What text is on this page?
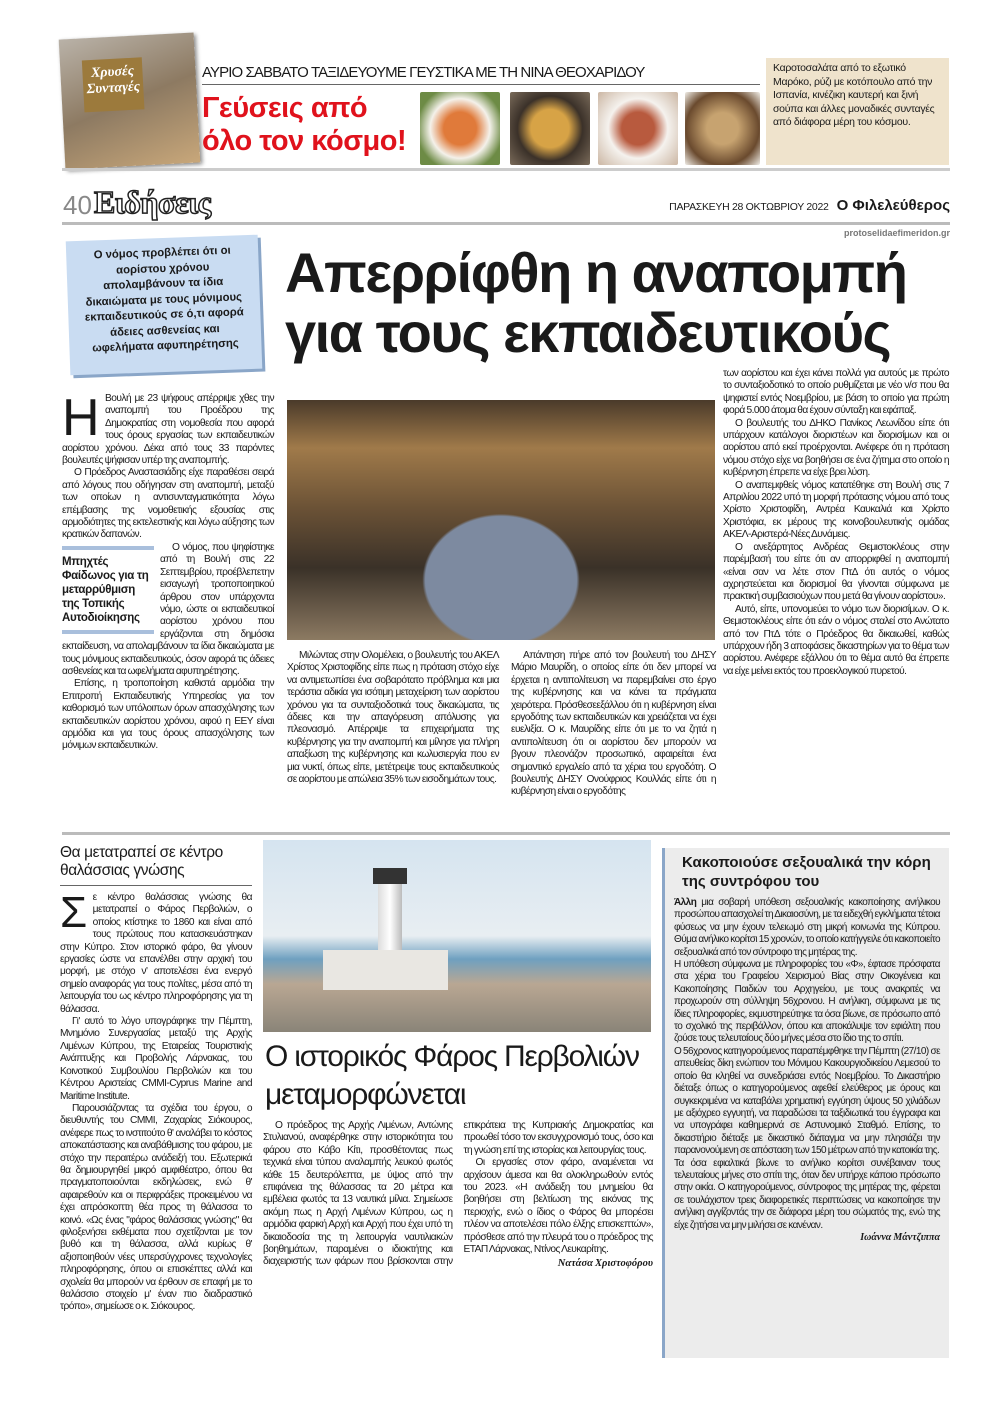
Χρυσές Συνταγές
ΑΥΡΙΟ ΣΑΒΒΑΤΟ ΤΑΞΙΔΕΥΟΥΜΕ ΓΕΥΣΤΙΚΑ ΜΕ ΤΗ ΝΙΝΑ ΘΕΟΧΑΡΙΔΟΥ
Γεύσεις από
όλο τον κόσμο!
Καροτοσαλάτα από το εξωτικό Μαρόκο, ρύζι με κοτόπουλο από την Ισπανία, κινέζικη καυτερή και ξινή σούπα και άλλες μοναδικές συνταγές από διάφορα μέρη του κόσμου.
40 Ειδήσεις	ΠΑΡΑΣΚΕΥΗ 28 ΟΚΤΩΒΡΙΟΥ 2022 Ο Φιλελεύθερος
protoselidaefimeridon.gr
Ο νόμος προβλέπει ότι οι αορίστου χρόνου απολαμβάνουν τα ίδια δικαιώματα με τους μόνιμους εκπαιδευτικούς σε ό,τι αφορά άδειες ασθενείας και ωφελήματα αφυπηρέτησης
Απερρίφθη η αναπομπή
για τους εκπαιδευτικούς

Η Βουλή με 23 ψήφους απέρριψε χθες την αναπομπή του Προέδρου της Δημοκρατίας στη νομοθεσία που αφορά τους όρους εργασίας των εκπαιδευτικών αορίστου χρόνου. Δέκα από τους 33 παρόντες βουλευτές ψήφισαν υπέρ της αναπομπής.

Ο Πρόεδρος Αναστασιάδης είχε παραθέσει σειρά από λόγους που οδήγησαν στη αναπομπή, μεταξύ των οποίων η αντισυνταγματικότητα λόγω επέμβασης της νομοθετικής εξουσίας στις αρμοδιότητες της εκτελεστικής και λόγω αύξησης των κρατικών δαπανών.

Μπηχτές Φαίδωνος για τη μεταρρύθμιση της Τοπικής Αυτοδιοίκησης

Ο νόμος, που ψηφίστηκε από τη Βουλή στις 22 Σεπτεμβρίου, προέβλεπετην εισαγωγή τροποποιητικού άρθρου στον υπάρχοντα νόμο, ώστε οι εκπαιδευτικοί αορίστου χρόνου που εργάζονται στη δημόσια εκπαίδευση, να απολαμβάνουν τα ίδια δικαιώματα με τους μόνιμους εκπαιδευτικούς, όσον αφορά τις άδειες ασθενείας και τα ωφελήματα αφυπηρέτησης.

Επίσης, η τροποποίηση καθιστά αρμόδια την Επιτροπή Εκπαιδευτικής Υπηρεσίας για τον καθορισμό των υπόλοιπων όρων απασχόλησης των εκπαιδευτικών αορίστου χρόνου, αφού η ΕΕΥ είναι αρμόδια και για τους όρους απασχόλησης των μόνιμων εκπαιδευτικών.

Μιλώντας στην Ολομέλεια, ο βουλευτής του ΑΚΕΛ Χρίστος Χριστοφίδης είπε πως η πρόταση στόχο είχε να αντιμετωπίσει ένα σοβαρότατο πρόβλημα και μια τεράστια αδικία για ισότιμη μεταχείριση των αορίστου χρόνου για τα συνταξιοδοτικά τους δικαιώματα, τις άδειες και την απαγόρευση απόλυσης για πλεονασμό. Απέρριψε τα επιχειρήματα της κυβέρνησης για την αναπομπή και μίλησε για πλήρη απαξίωση της κυβέρνησης και κωλυσιεργία που εν μια νυκτί, όπως είπε, μετέτρεψε τους εκπαιδευτικούς σε αορίστου με απώλεια 35% των εισοδημάτων τους.

Απάντηση πήρε από τον βουλευτή του ΔΗΣΥ Μάριο Μαυρίδη, ο οποίος είπε ότι δεν μπορεί να έρχεται η αντιπολίτευση να παρεμβαίνει στο έργο της κυβέρνησης και να κάνει τα πράγματα χειρότερα. Πρόσθεσεεξάλλου ότι η κυβέρνηση είναι εργοδότης των εκπαιδευτικών και χρειάζεται να έχει ευελιξία. Ο κ. Μαυρίδης είπε ότι με το να ζητά η αντιπολίτευση ότι οι αορίστου δεν μπορούν να βγουν πλεονάζον προσωπικό, αφαιρείται ένα σημαντικό εργαλείο από τα χέρια του εργοδότη. Ο βουλευτής ΔΗΣΥ Ονούφριος Κουλλάς είπε ότι η κυβέρνηση είναι ο εργοδότης

των αορίστου και έχει κάνει πολλά για αυτούς με πρώτο το συνταξιοδοτικό το οποίο ρυθμίζεται με νέο ν/σ που θα ψηφιστεί εντός Νοεμβρίου, με βάση το οποίο για πρώτη φορά 5.000 άτομα θα έχουν σύνταξη και εφάπαξ.

Ο βουλευτής του ΔΗΚΟ Πανίκος Λεωνίδου είπε ότι υπάρχουν κατάλογοι διοριστέων και διορισίμων και οι αορίστου από εκεί προέρχονται. Ανέφερε ότι η πρόταση νόμου στόχο είχε να βοηθήσει σε ένα ζήτημα στο οποίο η κυβέρνηση έπρεπε να είχε βρει λύση.

Ο αναπεμφθείς νόμος κατατέθηκε στη Βουλή στις 7 Απριλίου 2022 υπό τη μορφή πρότασης νόμου από τους Χρίστο Χριστοφίδη, Αντρέα Καυκαλιά και Χρίστο Χριστόφια, εκ μέρους της κοινοβουλευτικής ομάδας ΑΚΕΛ-Αριστερά-Νέες Δυνάμεις.

Ο ανεξάρτητος Ανδρέας Θεμιστοκλέους στην παρέμβασή του είπε ότι αν απορριφθεί η αναπομπή «είναι σαν να λέτε στον ΠτΔ ότι αυτός ο νόμος αχρηστεύεται και διορισμοί θα γίνονται σύμφωνα με πρακτική συμβασιούχων που μετά θα γίνουν αορίστου».

Αυτό, είπε, υπονομεύει το νόμο των διορισίμων. Ο κ. Θεμιστοκλέους είπε ότι εάν ο νόμος σταλεί στο Ανώτατο από τον ΠτΔ τότε ο Πρόεδρος θα δικαιωθεί, καθώς υπάρχουν ήδη 3 αποφάσεις δικαστηρίων για το θέμα των αορίστου. Ανέφερε εξάλλου ότι το θέμα αυτό θα έπρεπε να είχε μείνει εκτός του προεκλογικού πυρετού.

Θα μετατραπεί σε κέντρο θαλάσσιας γνώσης

Σε κέντρο θαλάσσιας γνώσης θα μετατραπεί ο Φάρος Περβολιών, ο οποίος κτίστηκε το 1860 και είναι από τους πρώτους που κατασκευάστηκαν στην Κύπρο. Στον ιστορικό φάρο, θα γίνουν εργασίες ώστε να επανέλθει στην αρχική του μορφή, με στόχο ν' αποτελέσει ένα ενεργό σημείο αναφοράς για τους πολίτες, μέσα από τη λειτουργία του ως κέντρο πληροφόρησης για τη θάλασσα.

Γι' αυτό το λόγο υπογράφηκε την Πέμπτη, Μνημόνιο Συνεργασίας μεταξύ της Αρχής Λιμένων Κύπρου, της Εταιρείας Τουριστικής Ανάπτυξης και Προβολής Λάρνακας, του Κοινοτικού Συμβουλίου Περβολιών και του Κέντρου Αριστείας CMMI-Cyprus Marine and Maritime Institute.

Παρουσιάζοντας τα σχέδια του έργου, ο διευθυντής του CMMI, Ζαχαρίας Σιόκουρος, ανέφερε πως το ινστιτούτο θ' αναλάβει το κόστος αποκατάστασης και αναβάθμισης του φάρου, με στόχο την περαιτέρω ανάδειξή του. Εξωτερικά θα δημιουργηθεί μικρό αμφιθέατρο, όπου θα πραγματοποιούνται εκδηλώσεις, ενώ θ' αφαιρεθούν και οι περιφράξεις προκειμένου να έχει απρόσκοπτη θέα προς τη θάλασσα το κοινό. «Ως ένας "φάρος θαλάσσιας γνώσης" θα φιλοξενήσει εκθέματα που σχετίζονται με τον βυθό και τη θάλασσα, αλλά κυρίως θ' αξιοποιηθούν νέες υπερσύγχρονες τεχνολογίες πληροφόρησης, όπου οι επισκέπτες αλλά και σχολεία θα μπορούν να έρθουν σε επαφή με το θαλάσσιο στοιχείο μ' έναν πιο διαδραστικό τρόπο», σημείωσε ο κ. Σιόκουρος.

Ο ιστορικός Φάρος Περβολιών μεταμορφώνεται

Ο πρόεδρος της Αρχής Λιμένων, Αντώνης Στυλιανού, αναφέρθηκε στην ιστορικότητα του φάρου στο Κάβο Κίτι, προσθέτοντας πως τεχνικά είναι τύπου αναλαμπής λευκού φωτός κάθε 15 δευτερόλεπτα, με ύψος από την επιφάνεια της θάλασσας τα 20 μέτρα και εμβέλεια φωτός τα 13 ναυτικά μίλια. Σημείωσε ακόμη πως η Αρχή Λιμένων Κύπρου, ως η αρμόδια φαρική Αρχή και Αρχή που έχει υπό τη δικαιοδοσία της τη λειτουργία ναυτιλιακών βοηθημάτων, παραμένει ο ιδιοκτήτης και διαχειριστής των φάρων που βρίσκονται στην επικράτεια της Κυπριακής Δημοκρατίας και προωθεί τόσο τον εκσυγχρονισμό τους, όσο και τη γνώση επί της ιστορίας και λειτουργίας τους.

Οι εργασίες στον φάρο, αναμένεται να αρχίσουν άμεσα και θα ολοκληρωθούν εντός του 2023. «Η ανάδειξη του μνημείου θα βοηθήσει στη βελτίωση της εικόνας της περιοχής, ενώ ο ίδιος ο Φάρος θα μπορέσει πλέον να αποτελέσει πόλο έλξης επισκεπτών», πρόσθεσε από την πλευρά του ο πρόεδρος της ΕΤΑΠ Λάρνακας, Ντίνος Λευκαρίτης.

Νατάσα Χριστοφόρου
Κακοποιούσε σεξουαλικά την κόρη της συντρόφου του

Άλλη μια σοβαρή υπόθεση σεξουαλικής κακοποίησης ανήλικου προσώπου απασχολεί τη Δικαιοσύνη, με τα ειδεχθή εγκλήματα τέτοια φύσεως να μην έχουν τελειωμό στη μικρή κοινωνία της Κύπρου. Θύμα ανήλικο κορίτσι 15 χρονών, το οποίο κατήγγειλε ότι κακοποιείτο σεξουαλικά από τον σύντροφο της μητέρας της.

Η υπόθεση σύμφωνα με πληροφορίες του «Φ», έφτασε πρόσφατα στα χέρια του Γραφείου Χειρισμού Βίας στην Οικογένεια και Κακοποίησης Παιδιών του Αρχηγείου, με τους ανακριτές να προχωρούν στη σύλληψη 56χρονου. Η ανήλικη, σύμφωνα με τις ίδιες πληροφορίες, εκμυστηρεύτηκε τα όσα βίωνε, σε πρόσωπο από το σχολικό της περιβάλλον, όπου και αποκάλυψε τον εφιάλτη που ζούσε τους τελευταίους δύο μήνες μέσα στο ίδιο της το σπίτι.

Ο 56χρονος κατηγορούμενος παραπέμφθηκε την Πέμπτη (27/10) σε απευθείας δίκη ενώπιον του Μόνιμου Κακουργιοδικείου Λεμεσού το οποίο θα κληθεί να συνεδριάσει εντός Νοεμβρίου. Το Δικαστήριο διέταξε όπως ο κατηγορούμενος αφεθεί ελεύθερος με όρους και συγκεκριμένα να καταβάλει χρηματική εγγύηση ύψους 50 χιλιάδων με αξιόχρεο εγγυητή, να παραδώσει τα ταξιδιωτικά του έγγραφα και να υπογράφει καθημερινά σε Αστυνομικό Σταθμό. Επίσης, το δικαστήριο διέταξε με δικαστικό διάταγμα να μην πλησιάζει την παρανονούμενη σε απόσταση των 150 μέτρων από την κατοικία της.

Τα όσα εφιαλτικά βίωνε το ανήλικο κορίτσι συνέβαιναν τους τελευταίους μήνες στο σπίτι της, όταν δεν υπήρχε κάποιο πρόσωπο στην οικία. Ο κατηγορούμενος, σύντροφος της μητέρας της, φέρεται σε τουλάχιστον τρεις διαφορετικές περιπτώσεις να κακοποίησε την ανήλικη αγγίζοντάς την σε διάφορα μέρη του σώματός της, ενώ της είχε ζητήσει να μην μιλήσει σε κανέναν.

Ιωάννα Μάντζιππα
